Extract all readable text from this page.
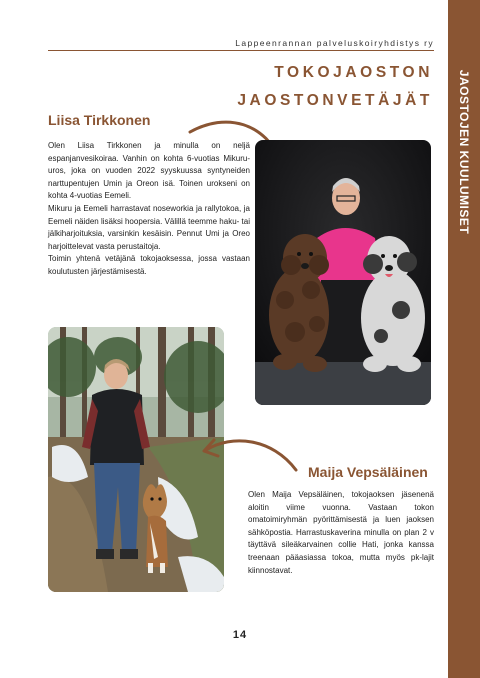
JAOSTOJEN KUULUMISET
Lappeenrannan palveluskoiryhdistys ry
TOKOJAOSTON
JAOSTONVETÄJÄT
Liisa Tirkkonen

Olen Liisa Tirkkonen ja minulla on neljä espanjanvesikoiraa. Vanhin on kohta 6-vuotias Mikuru-uros, joka on vuoden 2022 syyskuussa syntyneiden narttupentujen Umin ja Oreon isä. Toinen urokseni on kohta 4-vuotias Eemeli.

Mikuru ja Eemeli harrastavat noseworkia ja rallytokoa, ja Eemeli näiden lisäksi hoopersia. Välillä teemme haku- tai jälkiharjoituksia, varsinkin kesäisin. Pennut Umi ja Oreo harjoittelevat vasta perustaitoja.

Toimin yhtenä vetäjänä tokojaoksessa, jossa vastaan koulutusten järjestämisestä.

Maija Vepsäläinen

Olen Maija Vepsäläinen, tokojaoksen jäsenenä aloitin viime vuonna. Vastaan tokon omatoimiryhmän pyörittämisestä ja luen jaoksen sähköpostia. Harrastuskaverina minulla on plan 2 v täyttävä sileäkarvainen collie Hati, jonka kanssa treenaan pääasiassa tokoa, mutta myös pk-lajit kiinnostavat.

14
